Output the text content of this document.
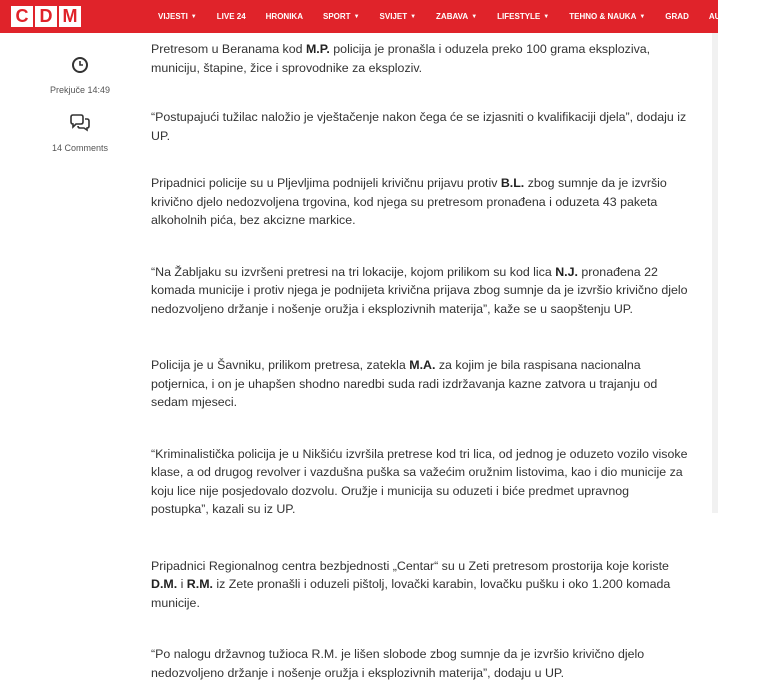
C D M	VIJESTI ▼	LIVE 24	HRONIKA	SPORT ▼	SVIJET ▼	ZABAVA ▼	LIFESTYLE ▼	TEHNO & NAUKA ▼	GRAD	AUTO-MOTO ▼
Prekjuče 14:49
14 Comments

Pretresom u Beranama kod M.P. policija je pronašla i oduzela preko 100 grama eksploziva, municiju, štapine, žice i sprovodnike za eksploziv.

“Postupajući tužilac naložio je vještačenje nakon čega će se izjasniti o kvalifikaciji djela”, dodaju iz UP.

Pripadnici policije su u Pljevljima podnijeli krivičnu prijavu protiv B.L. zbog sumnje da je izvršio krivično djelo nedozvoljena trgovina, kod njega su pretresom pronađena i oduzeta 43 paketa alkoholnih pića, bez akcizne markice.

“Na Žabljaku su izvršeni pretresi na tri lokacije, kojom prilikom su kod lica N.J. pronađena 22 komada municije i protiv njega je podnijeta krivična prijava zbog sumnje da je izvršio krivično djelo nedozvoljeno držanje i nošenje oružja i eksplozivnih materija”, kaže se u saopštenju UP.

Policija je u Šavniku, prilikom pretresa, zatekla M.A. za kojim je bila raspisana nacionalna potjernica, i on je uhapšen shodno naredbi suda radi izdržavanja kazne zatvora u trajanju od sedam mjeseci.

“Kriminalistička policija je u Nikšiću izvršila pretrese kod tri lica, od jednog je oduzeto vozilo visoke klase, a od drugog revolver i vazdušna puška sa važećim oružnim listovima, kao i dio municije za koju lice nije posjedovalo dozvolu. Oružje i municija su oduzeti i biće predmet upravnog postupka”, kazali su iz UP.

Pripadnici Regionalnog centra bezbjednosti „Centar“ su u Zeti pretresom prostorija koje koriste D.M. i R.M. iz Zete pronašli i oduzeli pištolj, lovački karabin, lovačku pušku i oko 1.200 komada municije.

“Po nalogu državnog tužioca R.M. je lišen slobode zbog sumnje da je izvršio krivično djelo nedozvoljeno držanje i nošenje oružja i eksplozivnih materija”, dodaju u UP.
